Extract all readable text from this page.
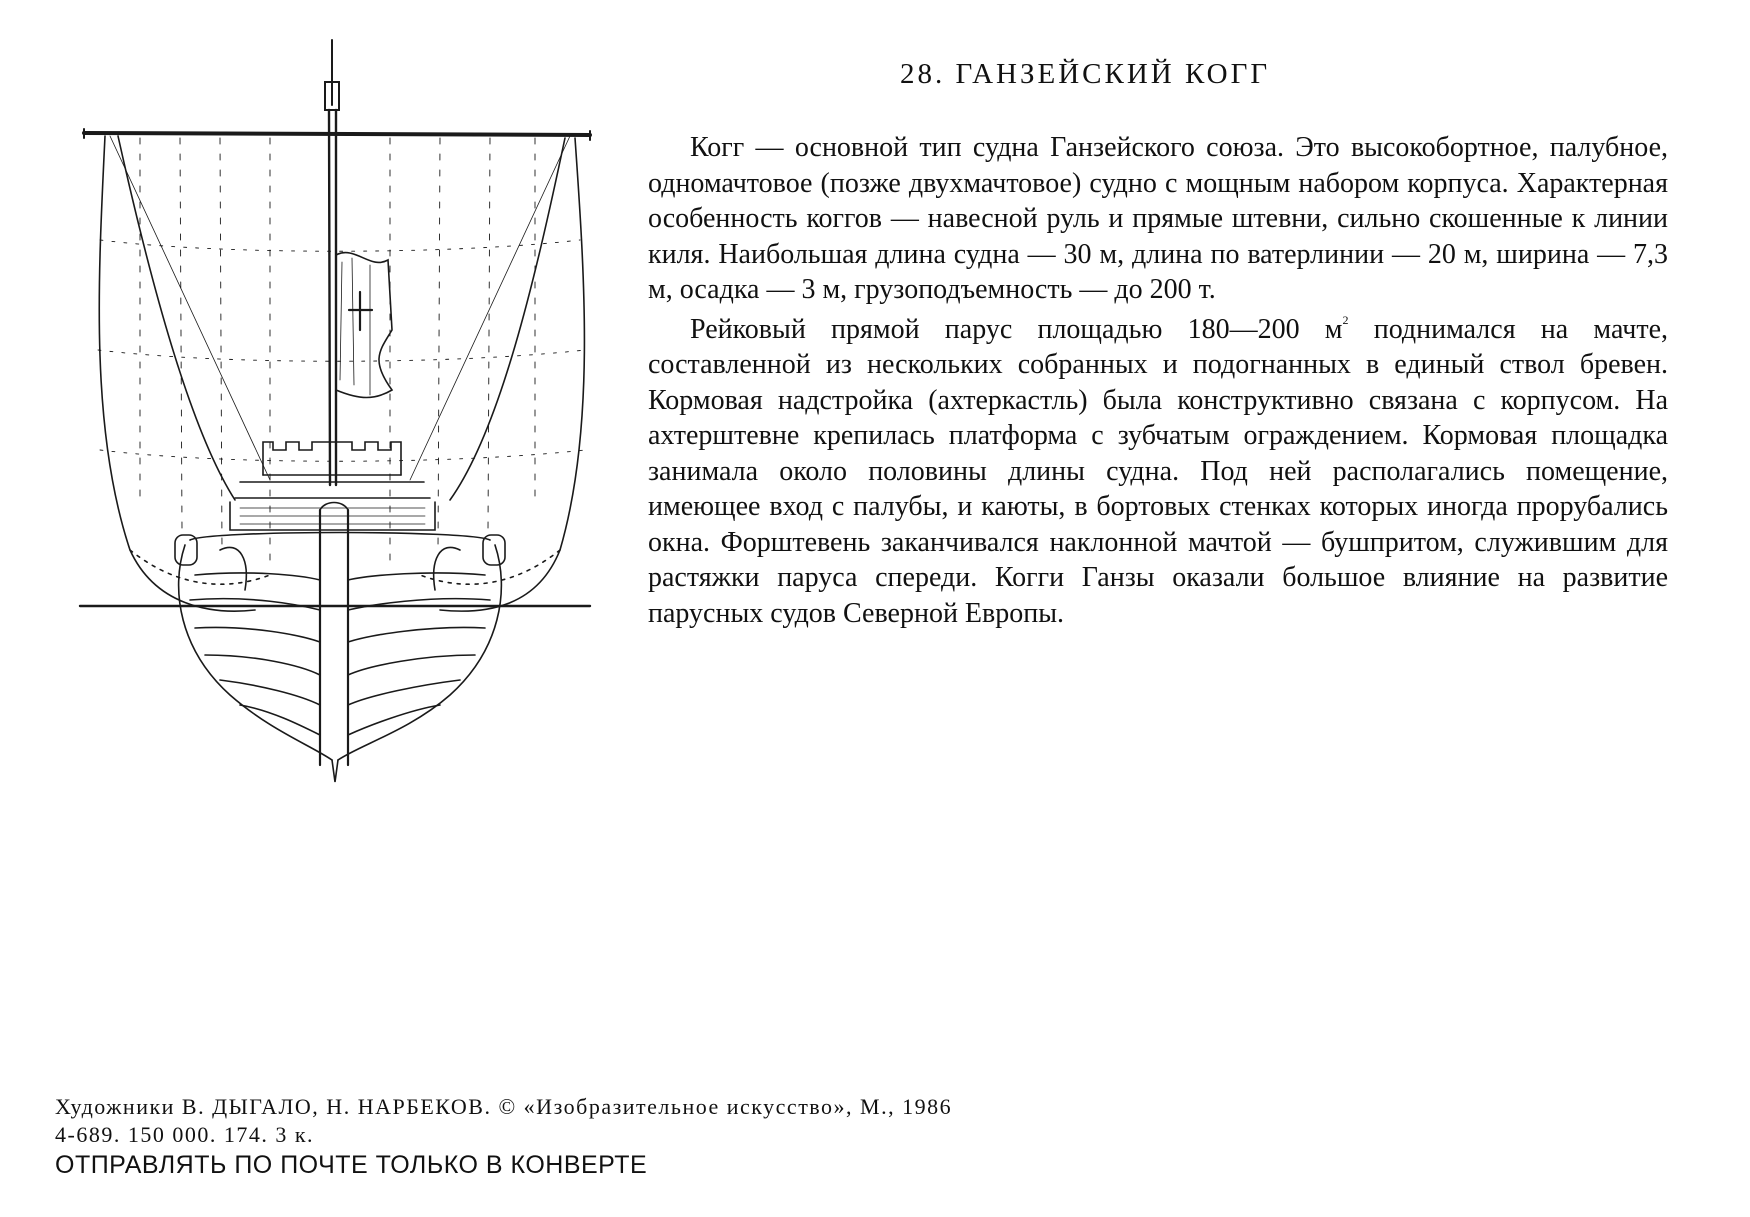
28. ГАНЗЕЙСКИЙ КОГГ

Когг — основной тип судна Ганзейского союза. Это высокобортное, палубное, одномачтовое (позже двухмачтовое) судно с мощным набором корпуса. Характерная особенность коггов — навесной руль и прямые штевни, сильно скошенные к линии киля. Наибольшая длина судна — 30 м, длина по ватерлинии — 20 м, ширина — 7,3 м, осадка — 3 м, грузоподъемность — до 200 т.

Рейковый прямой парус площадью 180—200 $м^2$ поднимался на мачте, составленной из нескольких собранных и подогнанных в единый ствол бревен. Кормовая надстройка (ахтеркастль) была конструктивно связана с корпусом. На ахтерштевне крепилась платформа с зубчатым ограждением. Кормовая площадка занимала около половины длины судна. Под ней располагались помещение, имеющее вход с палубы, и каюты, в бортовых стенках которых иногда прорубались окна. Форштевень заканчивался наклонной мачтой — бушпритом, служившим для растяжки паруса спереди. Когги Ганзы оказали большое влияние на развитие парусных судов Северной Европы.

Художники В. ДЫГАЛО, Н. НАРБЕКОВ. © «Изобразительное искусство», М., 1986
4-689. 150 000. 174. 3 к.
ОТПРАВЛЯТЬ ПО ПОЧТЕ ТОЛЬКО В КОНВЕРТЕ
